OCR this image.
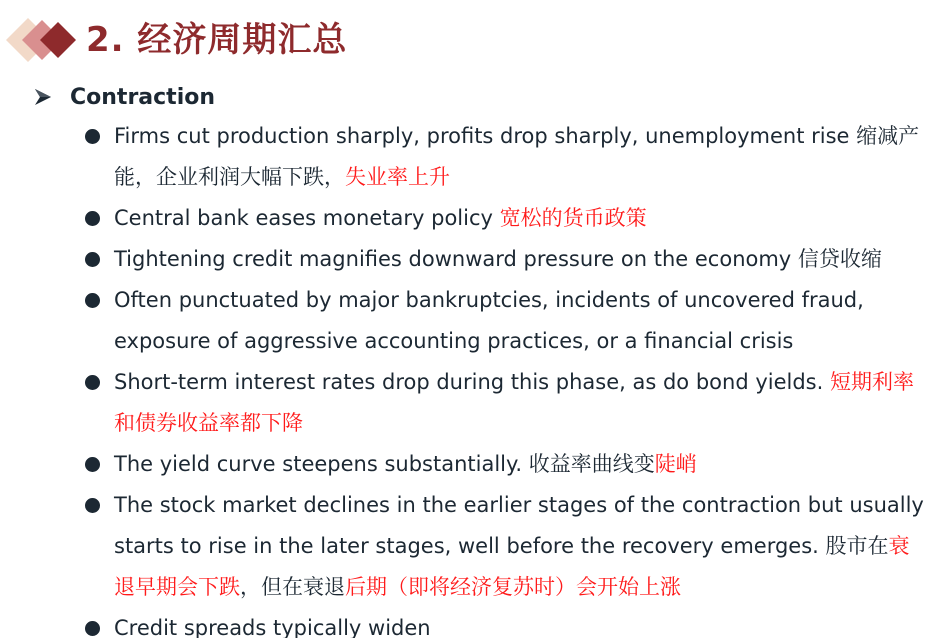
2. 经济周期汇总
Contraction
Firms cut production sharply, profits drop sharply, unemployment rise 缩减产能，企业利润大幅下跌，失业率上升
Central bank eases monetary policy 宽松的货币政策
Tightening credit magnifies downward pressure on the economy 信贷收缩
Often punctuated by major bankruptcies, incidents of uncovered fraud, exposure of aggressive accounting practices, or a financial crisis
Short-term interest rates drop during this phase, as do bond yields. 短期利率和债券收益率都下降
The yield curve steepens substantially. 收益率曲线变陡峭
The stock market declines in the earlier stages of the contraction but usually starts to rise in the later stages, well before the recovery emerges. 股市在衰退早期会下跌，但在衰退后期（即将经济复苏时）会开始上涨
Credit spreads typically widen
